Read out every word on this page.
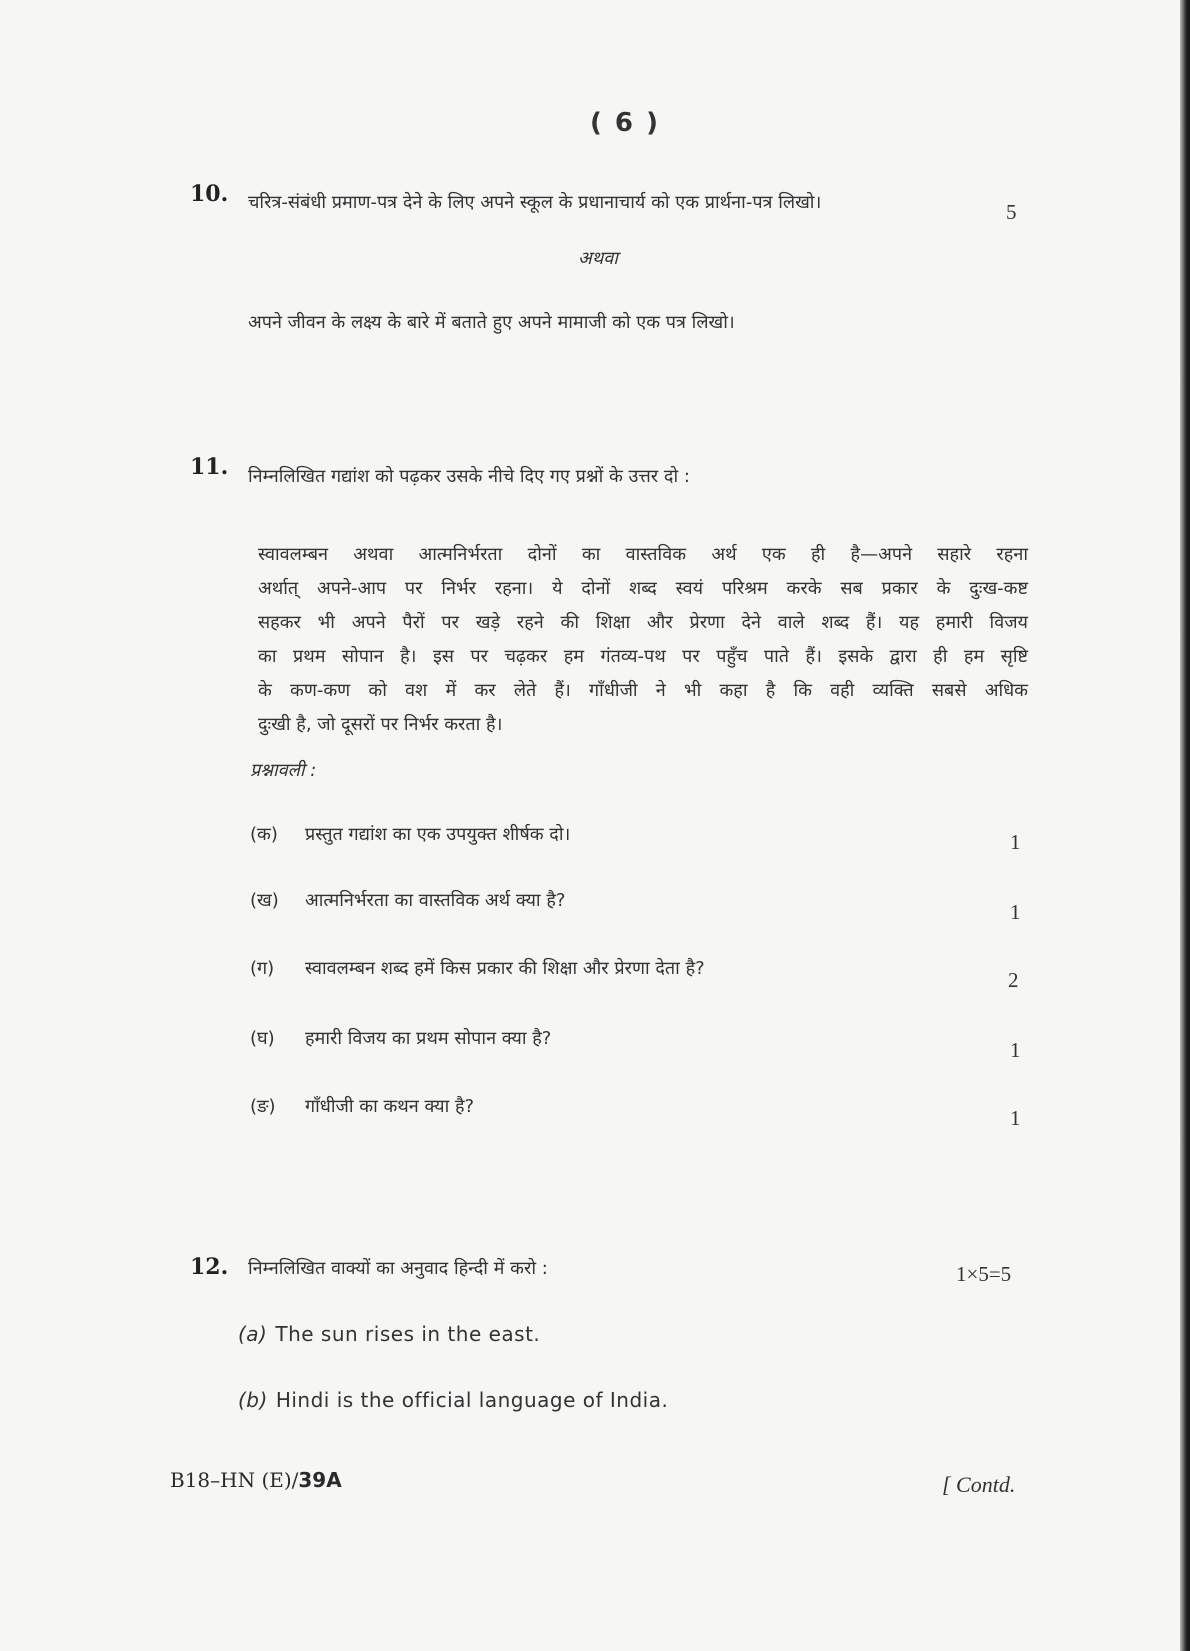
( 6 )
10. चरित्र-संबंधी प्रमाण-पत्र देने के लिए अपने स्कूल के प्रधानाचार्य को एक प्रार्थना-पत्र लिखो।	5
अथवा
अपने जीवन के लक्ष्य के बारे में बताते हुए अपने मामाजी को एक पत्र लिखो।
11. निम्नलिखित गद्यांश को पढ़कर उसके नीचे दिए गए प्रश्नों के उत्तर दो :
स्वावलम्बन अथवा आत्मनिर्भरता दोनों का वास्तविक अर्थ एक ही है—अपने सहारे रहना
अर्थात् अपने-आप पर निर्भर रहना। ये दोनों शब्द स्वयं परिश्रम करके सब प्रकार के दुःख-कष्ट
सहकर भी अपने पैरों पर खड़े रहने की शिक्षा और प्रेरणा देने वाले शब्द हैं। यह हमारी विजय
का प्रथम सोपान है। इस पर चढ़कर हम गंतव्य-पथ पर पहुँच पाते हैं। इसके द्वारा ही हम सृष्टि
के कण-कण को वश में कर लेते हैं। गाँधीजी ने भी कहा है कि वही व्यक्ति सबसे अधिक
दुःखी है, जो दूसरों पर निर्भर करता है।
प्रश्नावली :
(क) प्रस्तुत गद्यांश का एक उपयुक्त शीर्षक दो।	1
(ख) आत्मनिर्भरता का वास्तविक अर्थ क्या है?	1
(ग) स्वावलम्बन शब्द हमें किस प्रकार की शिक्षा और प्रेरणा देता है?	2
(घ) हमारी विजय का प्रथम सोपान क्या है?	1
(ङ) गाँधीजी का कथन क्या है?	1
12. निम्नलिखित वाक्यों का अनुवाद हिन्दी में करो :	1×5=5
(a) The sun rises in the east.
(b) Hindi is the official language of India.
B18–HN (E)/39A	[ Contd.
